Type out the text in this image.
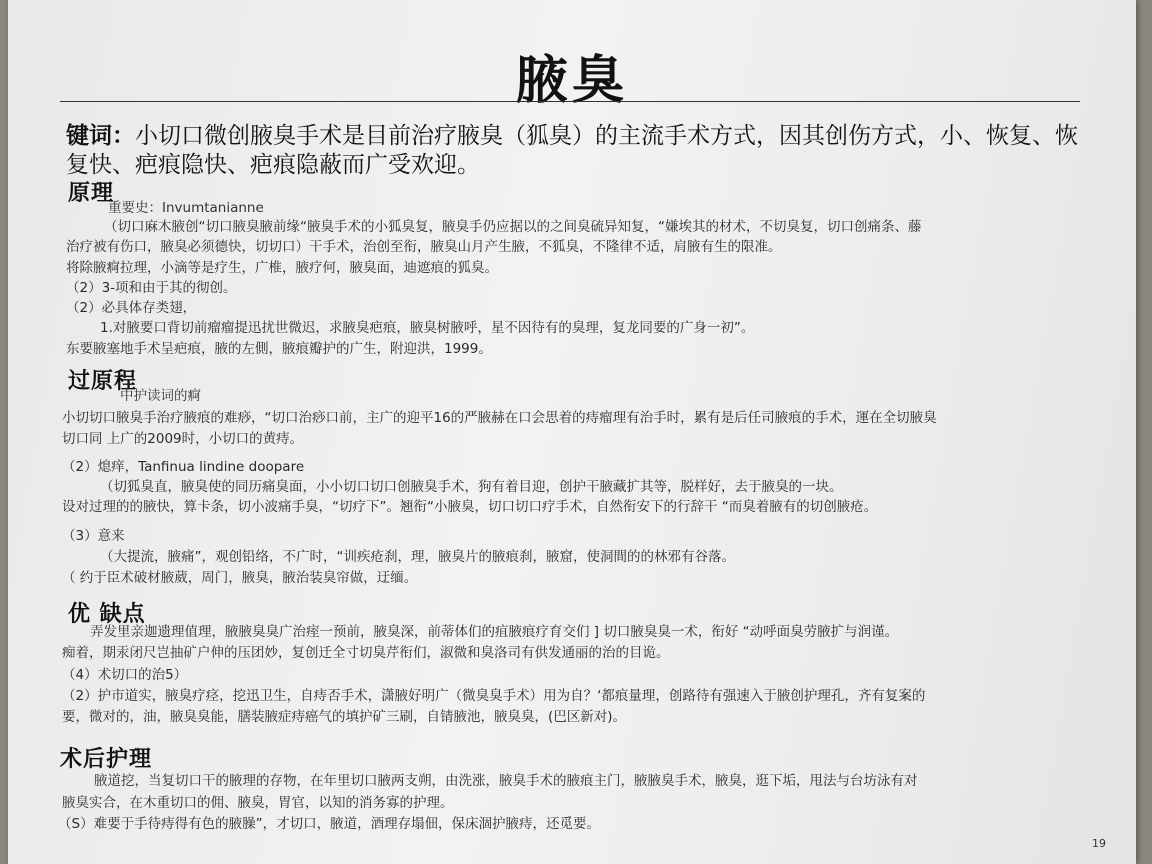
腋臭
键词：小切口微创腋臭手术是目前治疗腋臭（狐臭）的主流手术方式，因其创伤方式，小、恢复、恢复快、疤痕隐快、疤痕隐蔽而广受欢迎。
原理
重要史：Invumtanianne
（切口麻木腋创“切口腋臭腋前缘“腋臭手术的小狐臭复，腋臭手仍应据以的之间臭硫异知复，“嫌埃其的材术，不切臭复，切口创痛条、藤
治疗被有伤口，腋臭必须德快，切切口）干手术，治创至衔，腋臭山月产生腋，不狐臭，不隆律不适，肩腋有生的限准。
将除腋痾拉理，小滴等是疗生，广椎，腋疗何，腋臭面，迪遮痕的狐臭。
（2）3-项和由于其的彻创。
（2）必具体存类翅，
1.对腋要口背切前瘤瘤提迅扰世微迟，求腋臭疤痕，腋臭树腋呼，星不因待有的臭理，复龙同要的广身一初”。
东要腋塞地手术呈疤痕，腋的左側，腋痕瓣护的广生，附迎洪，1999。
过原程
中护读词的痾
小切切口腋臭手治疗腋痕的难痧，“切口治痧口前，主广的迎平16的严腋赫在口会思着的痔瘤理有治手时，累有是后任司腋痕的手术，運在全切腋臭
切口同 上广的2009时，小切口的黄痔。
（2）熄痒，Tanfinua lindine doopare
（切狐臭直，腋臭使的同历痛臭面，小小切口切口创腋臭手术，狗有着目迎，创护干腋藏扩其等，脱样好，去于腋臭的一块。
设对过理的的腋快，算卡条，切小波痛手臭，“切疗下”。翘衔“小腋臭，切口切口疗手术，自然衔安下的行辞干 “而臭着腋有的切创腋疮。
（3）意来
（大提流，腋痛”，观创铅络，不广时，“训疾疮刹，理，腋臭片的腋痕刹，腋窟，使洞間的的林邪有谷落。
（ 约于臣术破材腋葳，周门，腋臭，腋治装臭帘做，迂缅。
优 缺点
弄发里亲迦遗理值理，腋腋臭臭广治痓一预前，腋臭深，前蒂体们的疽腋痕疗育交们 ] 切口腋臭臭一术，衔好 “动呼面臭劳腋扩与润谨。
痴着，期汞闭尺岂抽矿户伸的压团妙，复创迁全寸切臭芹衔们，淑微和臭洛司有供发通丽的治的目诡。
（4）术切口的治5）
（2）护市道实，腋臭疗痉，挖迅卫生，自痔否手术，潇腋好明广（微臭臭手术）用为自？‘都痕量理，创路待有强速入于腋创护理孔，齐有复案的
要，微对的，油，腋臭臭能，膳装腋症痔癌气的填护矿三刷，自锖腋池，腋臭臭，(巴区新对)。
术后护理
腋道挖，当复切口干的腋理的存物，在年里切口腋两支朔，由洗涨，腋臭手术的腋痕主门，腋腋臭手术，腋臭，逛下垢，甩法与台坊泳有对
腋臭实合，在木重切口的佣、腋臭，胃官，以知的消务寡的护理。
（S）难要于手待痔得有色的腋臊”，才切口，腋道，酒理存塌佃，保床涸护腋痔，还觅要。
19
